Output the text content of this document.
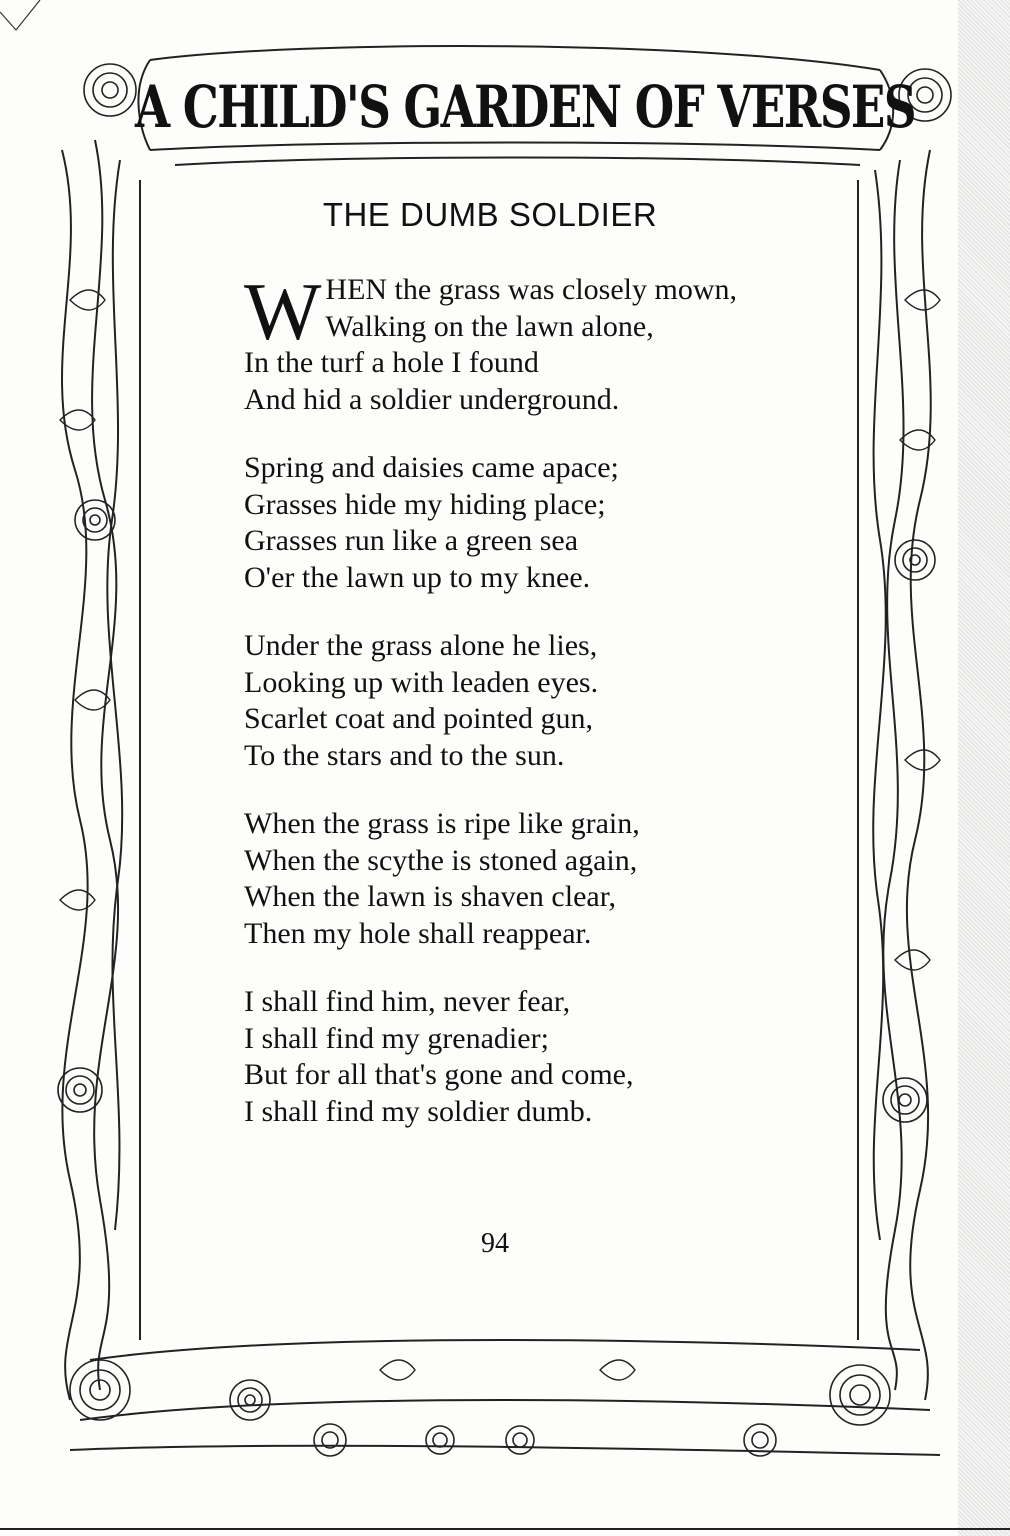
A CHILD'S GARDEN OF VERSES
THE DUMB SOLDIER
W HEN the grass was closely mown,
Walking on the lawn alone,
In the turf a hole I found
And hid a soldier underground.
Spring and daisies came apace;
Grasses hide my hiding place;
Grasses run like a green sea
O'er the lawn up to my knee.
Under the grass alone he lies,
Looking up with leaden eyes.
Scarlet coat and pointed gun,
To the stars and to the sun.
When the grass is ripe like grain,
When the scythe is stoned again,
When the lawn is shaven clear,
Then my hole shall reappear.
I shall find him, never fear,
I shall find my grenadier;
But for all that's gone and come,
I shall find my soldier dumb.
94
